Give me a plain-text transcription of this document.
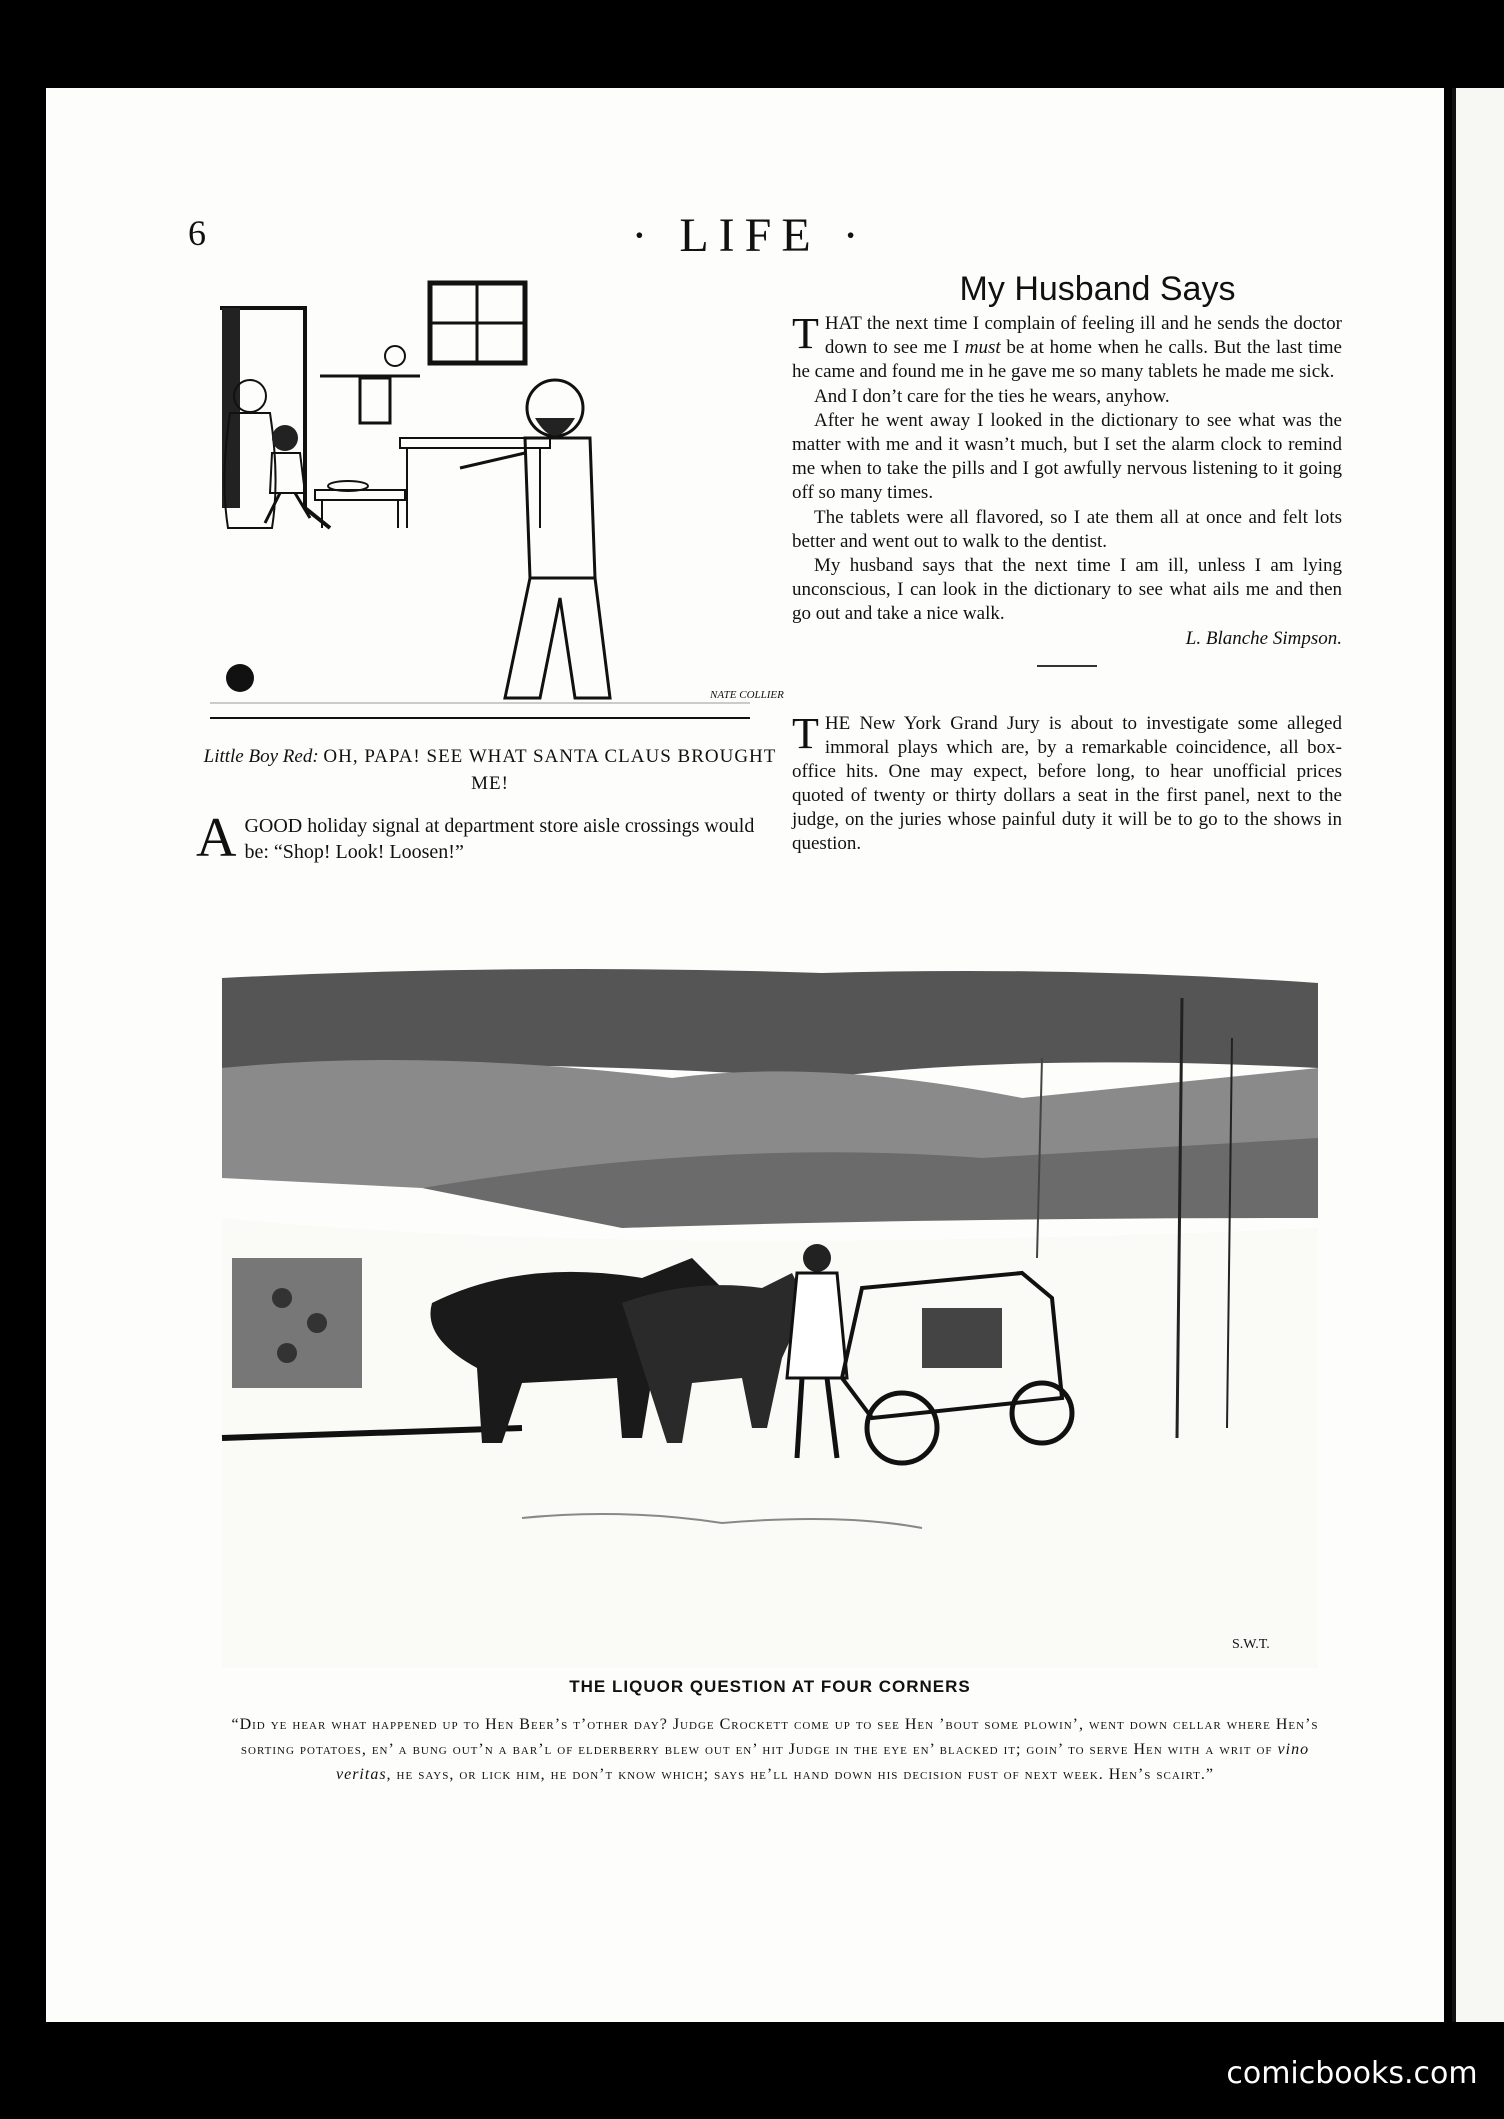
6	· LIFE ·
NATE COLLIER
Little Boy Red: OH, PAPA! SEE WHAT SANTA CLAUS BROUGHT ME!
AGOOD holiday signal at department store aisle crossings would be: “Shop! Look! Loosen!”
My Husband Says

THAT the next time I complain of feeling ill and he sends the doctor down to see me I must be at home when he calls. But the last time he came and found me in he gave me so many tablets he made me sick.

And I don’t care for the ties he wears, anyhow.

After he went away I looked in the dictionary to see what was the matter with me and it wasn’t much, but I set the alarm clock to remind me when to take the pills and I got awfully nervous listening to it going off so many times.

The tablets were all flavored, so I ate them all at once and felt lots better and went out to walk to the dentist.

My husband says that the next time I am ill, unless I am lying unconscious, I can look in the dictionary to see what ails me and then go out and take a nice walk.

L. Blanche Simpson.

THE New York Grand Jury is about to investigate some alleged immoral plays which are, by a remarkable coincidence, all box-office hits. One may expect, before long, to hear unofficial prices quoted of twenty or thirty dollars a seat in the first panel, next to the judge, on the juries whose painful duty it will be to go to the shows in question.

S.W.T.
THE LIQUOR QUESTION AT FOUR CORNERS
“Did ye hear what happened up to Hen Beer’s t’other day? Judge Crockett come up to see Hen ’bout some plowin’, went down cellar where Hen’s sorting potatoes, en’ a bung out’n a bar’l of elderberry blew out en’ hit Judge in the eye en’ blacked it; goin’ to serve Hen with a writ of vino veritas, he says, or lick him, he don’t know which; says he’ll hand down his decision fust of next week. Hen’s scairt.”
comicbooks.com
